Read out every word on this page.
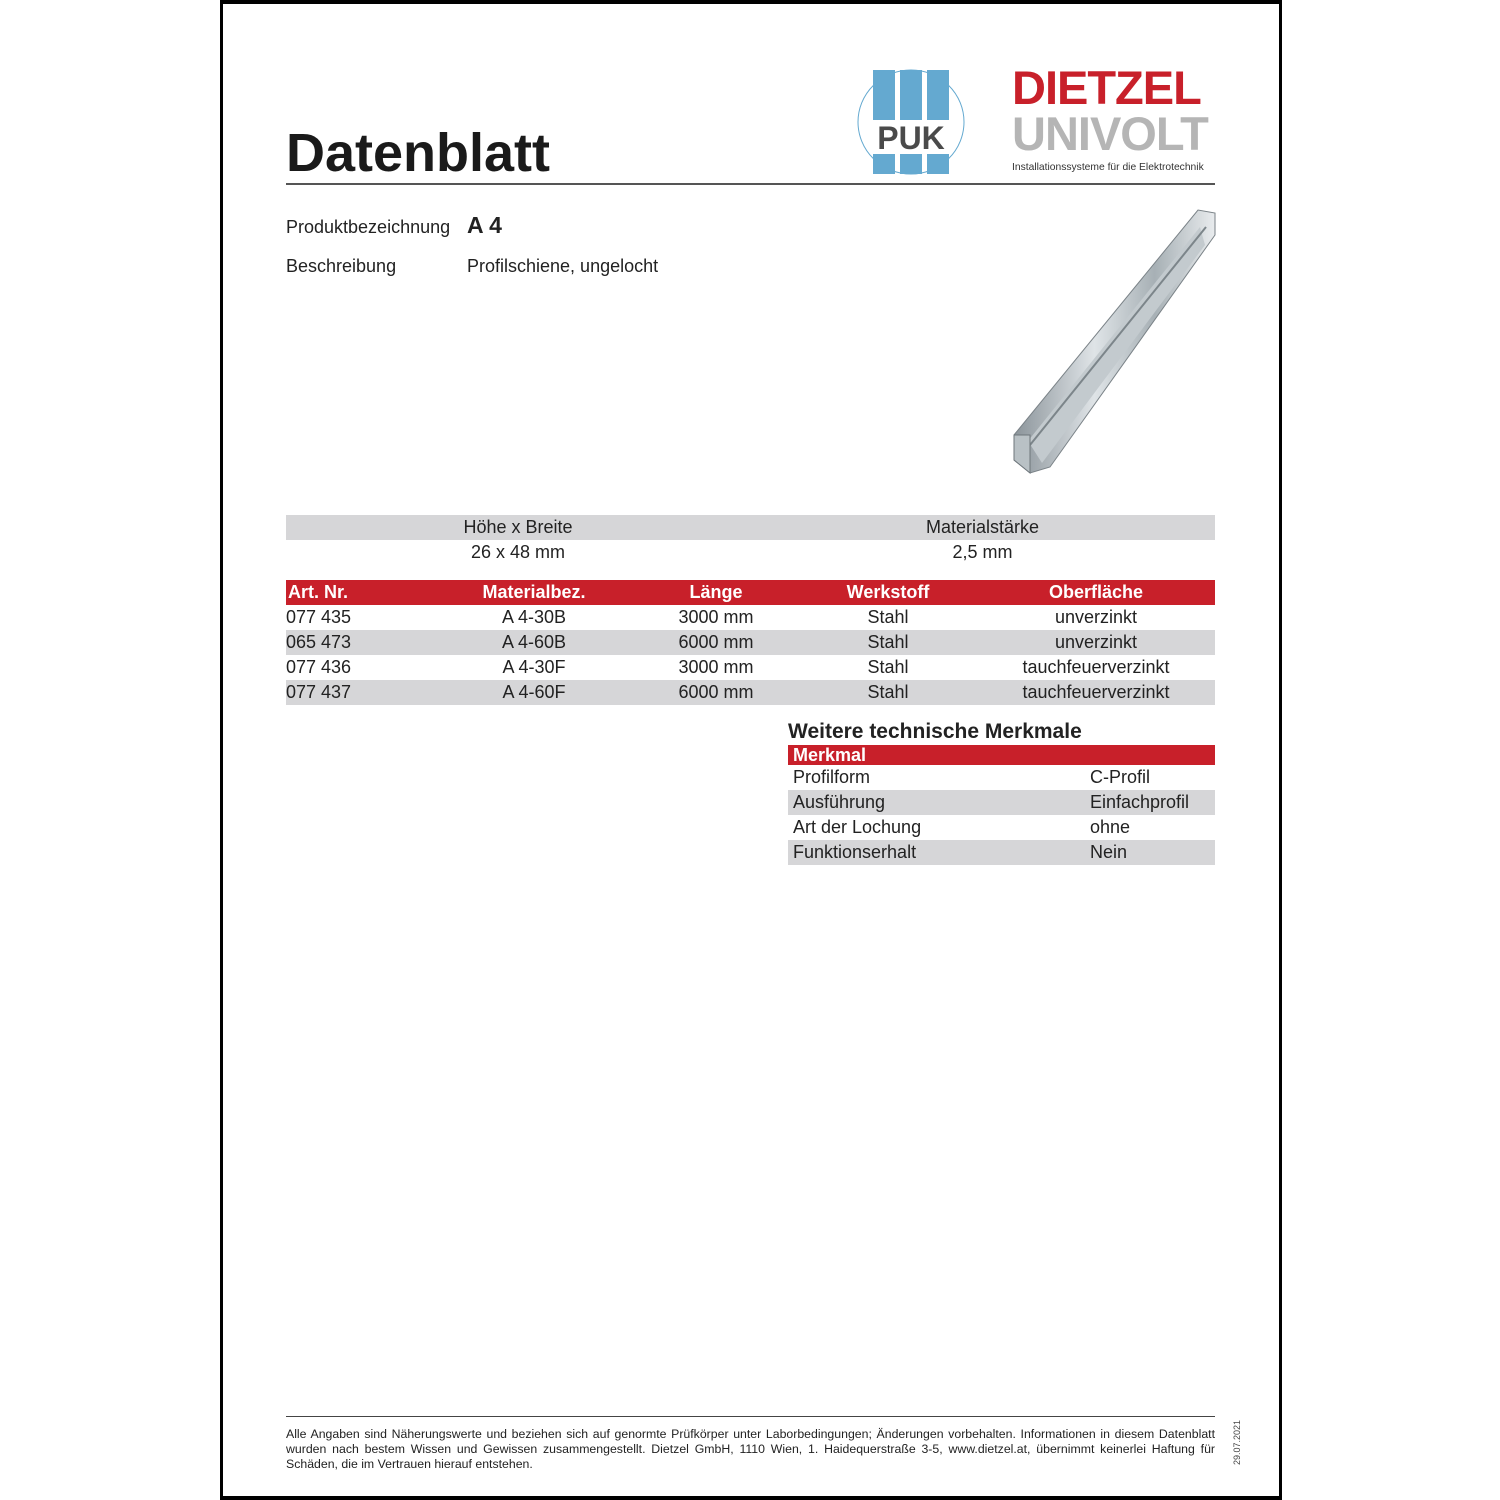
Datenblatt	PUK
DIETZEL
UNIVOLT
Installationssysteme für die Elektrotechnik
Produktbezeichnung A 4
Beschreibung	Profilschiene, ungelocht
Höhe x Breite	Materialstärke
26 x 48 mm	2,5 mm
Art. Nr.	Materialbez.	Länge	Werkstoff	Oberfläche
077 435	A 4-30B	3000 mm	Stahl	unverzinkt
065 473	A 4-60B	6000 mm	Stahl	unverzinkt
077 436	A 4-30F	3000 mm	Stahl	tauchfeuerverzinkt
077 437	A 4-60F	6000 mm	Stahl	tauchfeuerverzinkt
Weitere technische Merkmale
Merkmal
Profilform	C-Profil
Ausführung	Einfachprofil
Art der Lochung	ohne
Funktionserhalt	Nein
Alle Angaben sind Näherungswerte und beziehen sich auf genormte Prüfkörper unter Laborbedingungen; Änderungen vorbehalten. Informationen in diesem Datenblatt wurden nach bestem Wissen und Gewissen zusammengestellt. Dietzel GmbH, 1110 Wien, 1. Haidequerstraße 3-5, www.dietzel.at, übernimmt keinerlei Haftung für Schäden, die im Vertrauen hierauf entstehen.	29.07.2021
